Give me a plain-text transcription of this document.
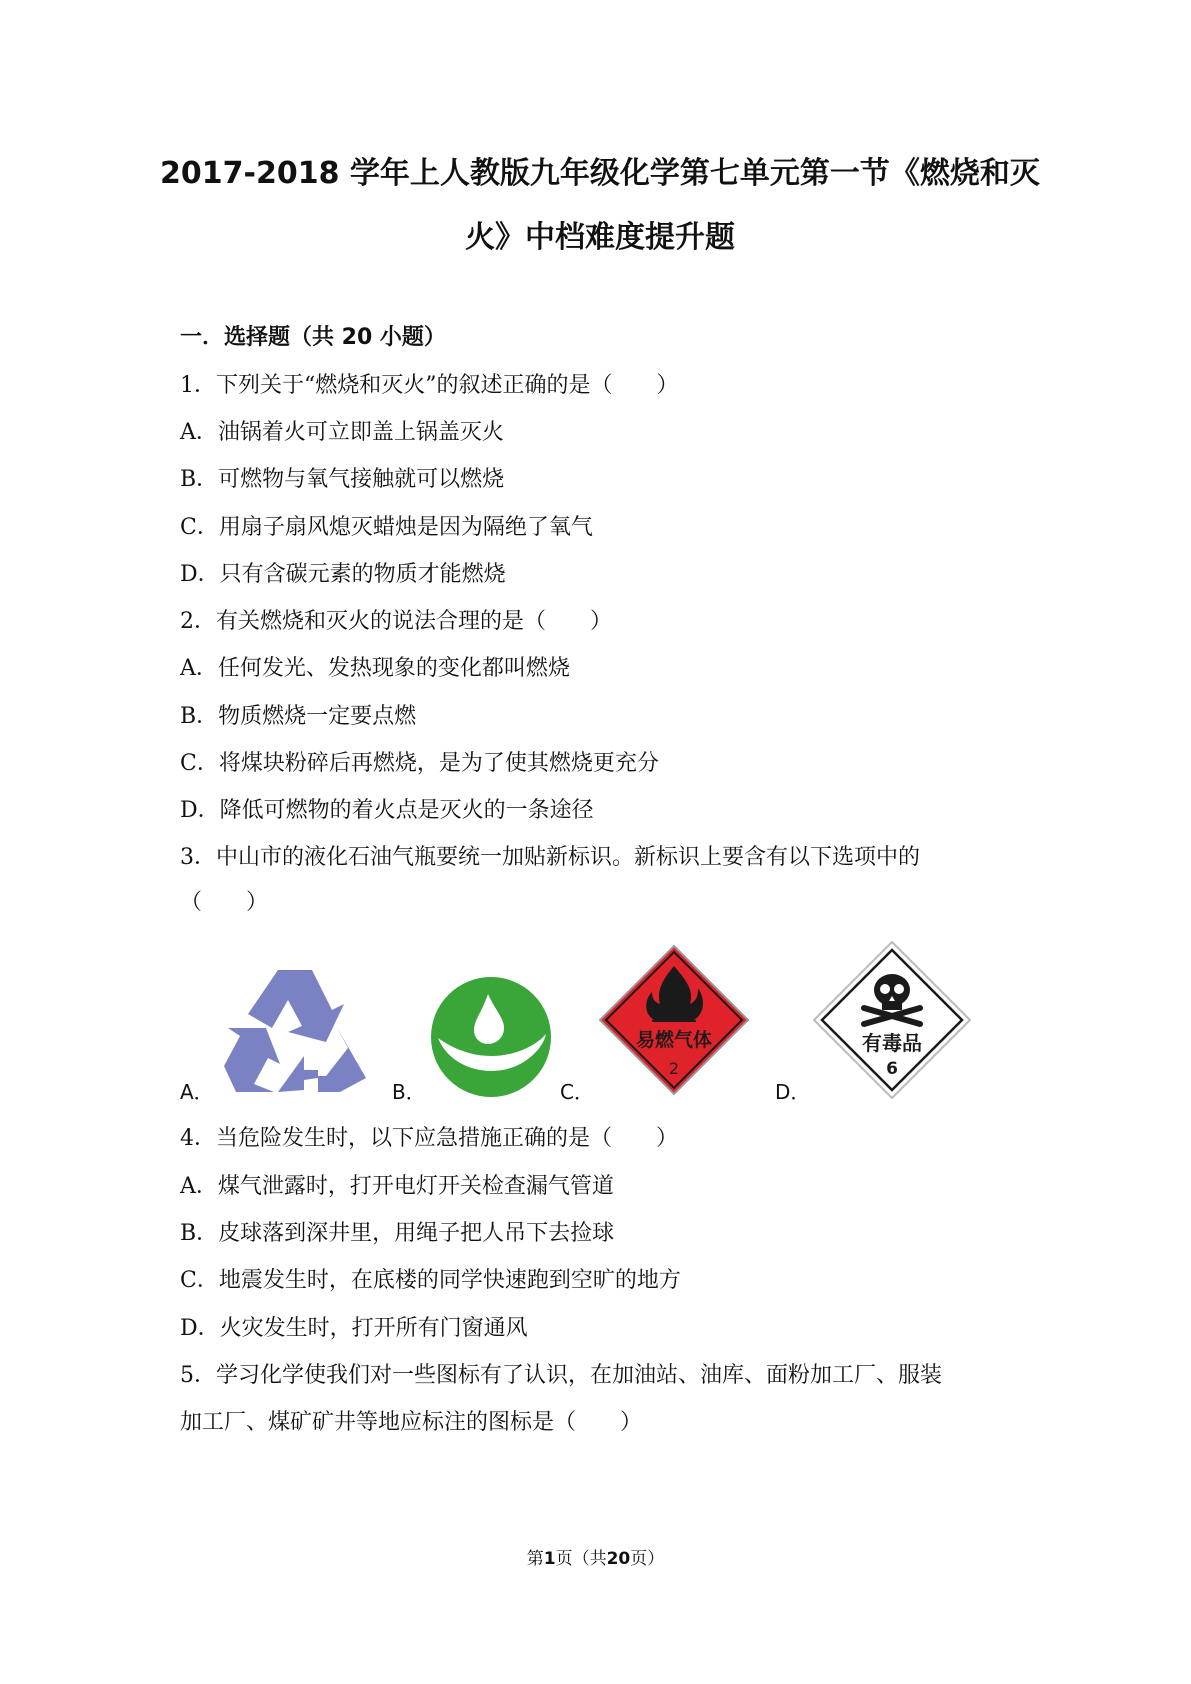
2017-2018 学年上人教版九年级化学第七单元第一节《燃烧和灭
火》中档难度提升题
一．选择题（共 20 小题）
1．下列关于“燃烧和灭火”的叙述正确的是（　　）
A．油锅着火可立即盖上锅盖灭火
B．可燃物与氧气接触就可以燃烧
C．用扇子扇风熄灭蜡烛是因为隔绝了氧气
D．只有含碳元素的物质才能燃烧
2．有关燃烧和灭火的说法合理的是（　　）
A．任何发光、发热现象的变化都叫燃烧
B．物质燃烧一定要点燃
C．将煤块粉碎后再燃烧，是为了使其燃烧更充分
D．降低可燃物的着火点是灭火的一条途径
3．中山市的液化石油气瓶要统一加贴新标识。新标识上要含有以下选项中的
（　　）
A．	B．	C．
易燃气体
2
D．
有毒品
6
4．当危险发生时，以下应急措施正确的是（　　）
A．煤气泄露时，打开电灯开关检查漏气管道
B．皮球落到深井里，用绳子把人吊下去捡球
C．地震发生时，在底楼的同学快速跑到空旷的地方
D．火灾发生时，打开所有门窗通风
5．学习化学使我们对一些图标有了认识，在加油站、油库、面粉加工厂、服装
加工厂、煤矿矿井等地应标注的图标是（　　）
第1页（共20页）
